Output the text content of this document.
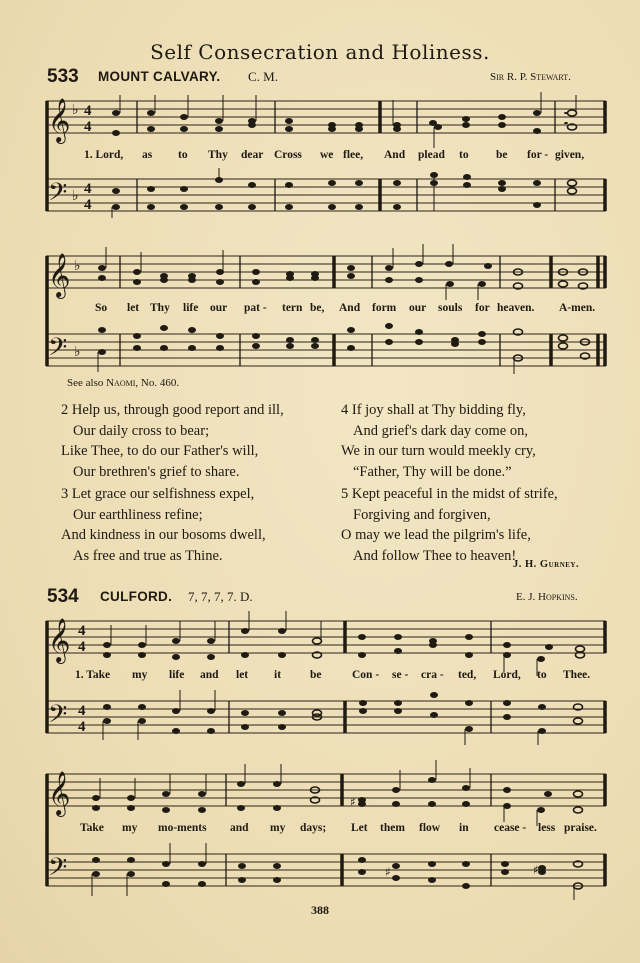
Self Consecration and Holiness.
533 MOUNT CALVARY. C. M.	Sir R. P. Stewart.
𝄞 ♭ 4
4
𝄢 ♭ 4
4
𝄞 ♭
𝄢 ♭
𝄞 4
4
𝄢 4
4
𝄞
𝄢
♯
♯	♯
1. Lord, as to Thy dear Cross we flee, And plead to be for - given,
So let Thy life our pat - tern be, And form our souls for heaven. A-men.
See also Naomi, No. 460.
2 Help us, through good report and ill,
Our daily cross to bear;
Like Thee, to do our Father's will,
Our brethren's grief to share.
3 Let grace our selfishness expel,
Our earthliness refine;
And kindness in our bosoms dwell,
As free and true as Thine.
4 If joy shall at Thy bidding fly,
And grief's dark day come on,
We in our turn would meekly cry,
“Father, Thy will be done.”
5 Kept peaceful in the midst of strife,
Forgiving and forgiven,
O may we lead the pilgrim's life,
And follow Thee to heaven!
J. H. Gurney.
534 CULFORD. 7, 7, 7, 7. D.	E. J. Hopkins.
1. Take my life and let it	be	Con - se - cra - ted, Lord, to Thee.
Take my mo-ments and my days; Let them flow in cease - less praise.
388
